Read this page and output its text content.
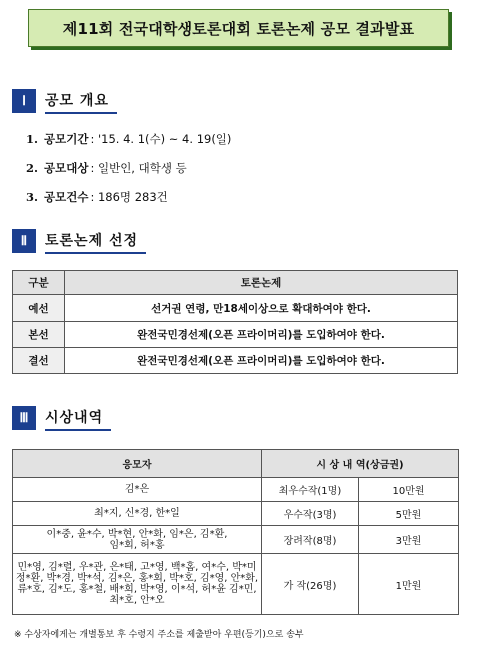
제11회 전국대학생토론대회 토론논제 공모 결과발표
Ⅰ	공모 개요
1. 공모기간 : '15. 4. 1(수) ~ 4. 19(일)
2. 공모대상 : 일반인, 대학생 등
3. 공모건수 : 186명 283건
Ⅱ	토론논제 선정
구분	토론논제
예선	선거권 연령, 만18세이상으로 확대하여야 한다.
본선	완전국민경선제(오픈 프라이머리)를 도입하여야 한다.
결선	완전국민경선제(오픈 프라이머리)를 도입하여야 한다.
Ⅲ	시상내역
응모자	시 상 내 역(상금권)	
김*은	최우수작(1명)	10만원
최*지, 신*경, 한*일	우수작(3명)	5만원
이*중, 윤*수, 박*현, 안*화, 임*은, 김*환, 임*회, 허*홍	장려작(8명)	3만원
민*영, 김*렬, 우*관, 은*태, 고*영, 백*홈, 여*수, 박*미 정*환, 박*경, 박*석, 김*은, 홍*회, 박*호, 김*영, 안*화, 류*호, 김*도, 홍*철, 배*희, 박*영, 이*석, 허*윤 김*민, 최*호, 안*오	가 작(26명)	1만원
※ 수상자에게는 개별통보 후 수령지 주소를 제출받아 우편(등기)으로 송부
